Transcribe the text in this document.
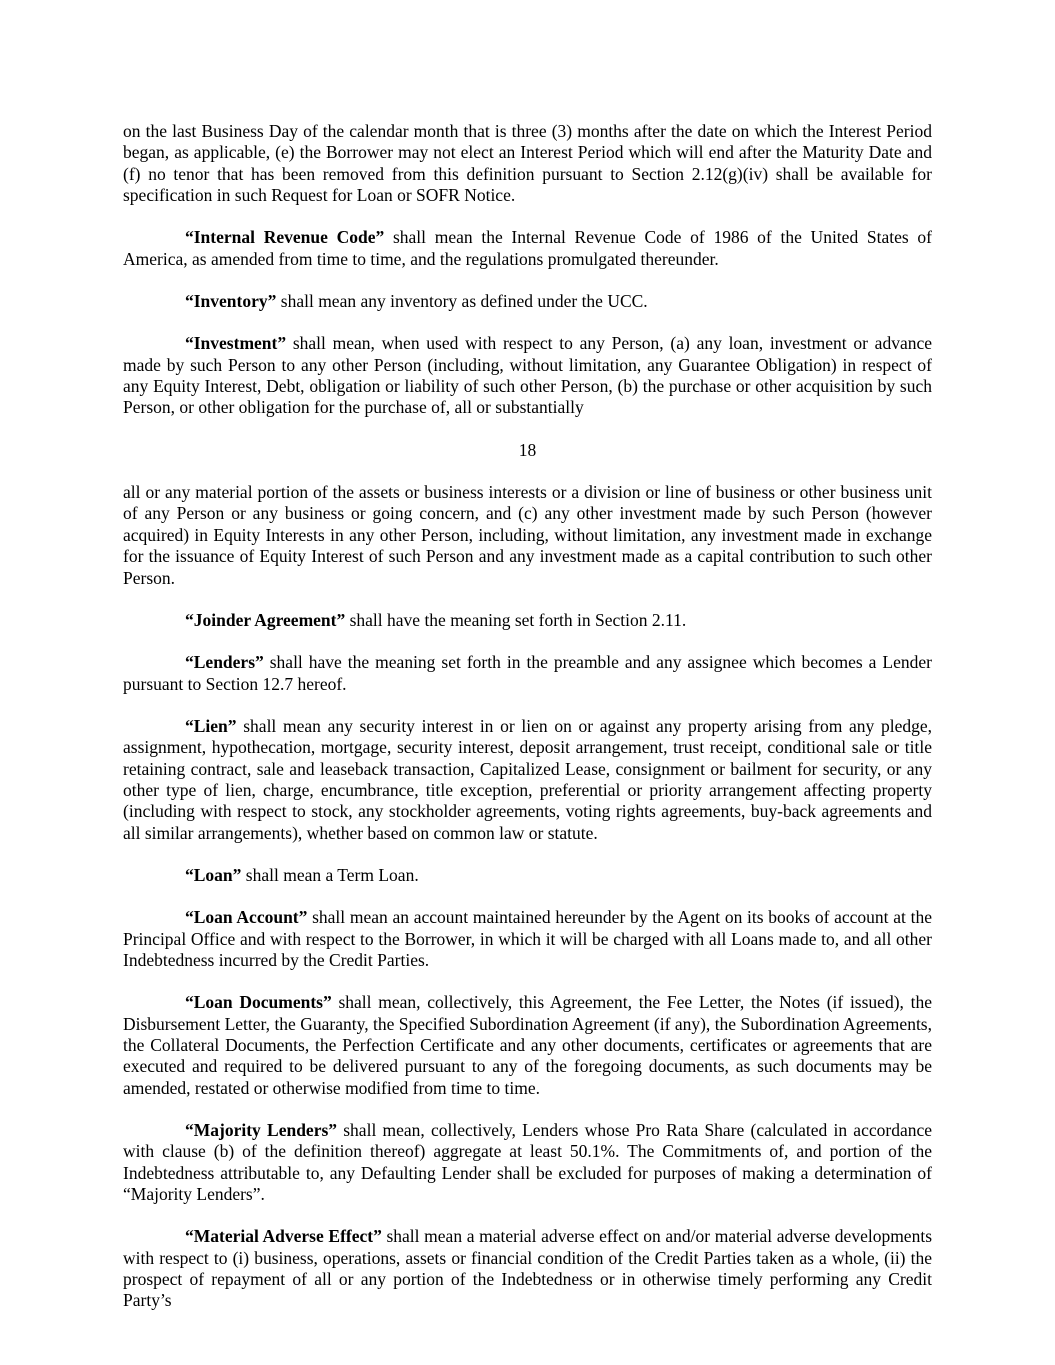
on the last Business Day of the calendar month that is three (3) months after the date on which the Interest Period began, as applicable, (e) the Borrower may not elect an Interest Period which will end after the Maturity Date and (f) no tenor that has been removed from this definition pursuant to Section 2.12(g)(iv) shall be available for specification in such Request for Loan or SOFR Notice.

“Internal Revenue Code” shall mean the Internal Revenue Code of 1986 of the United States of America, as amended from time to time, and the regulations promulgated thereunder.

“Inventory” shall mean any inventory as defined under the UCC.

“Investment” shall mean, when used with respect to any Person, (a) any loan, investment or advance made by such Person to any other Person (including, without limitation, any Guarantee Obligation) in respect of any Equity Interest, Debt, obligation or liability of such other Person, (b) the purchase or other acquisition by such Person, or other obligation for the purchase of, all or substantially

18

all or any material portion of the assets or business interests or a division or line of business or other business unit of any Person or any business or going concern, and (c) any other investment made by such Person (however acquired) in Equity Interests in any other Person, including, without limitation, any investment made in exchange for the issuance of Equity Interest of such Person and any investment made as a capital contribution to such other Person.

“Joinder Agreement” shall have the meaning set forth in Section 2.11.

“Lenders” shall have the meaning set forth in the preamble and any assignee which becomes a Lender pursuant to Section 12.7 hereof.

“Lien” shall mean any security interest in or lien on or against any property arising from any pledge, assignment, hypothecation, mortgage, security interest, deposit arrangement, trust receipt, conditional sale or title retaining contract, sale and leaseback transaction, Capitalized Lease, consignment or bailment for security, or any other type of lien, charge, encumbrance, title exception, preferential or priority arrangement affecting property (including with respect to stock, any stockholder agreements, voting rights agreements, buy-back agreements and all similar arrangements), whether based on common law or statute.

“Loan” shall mean a Term Loan.

“Loan Account” shall mean an account maintained hereunder by the Agent on its books of account at the Principal Office and with respect to the Borrower, in which it will be charged with all Loans made to, and all other Indebtedness incurred by the Credit Parties.

“Loan Documents” shall mean, collectively, this Agreement, the Fee Letter, the Notes (if issued), the Disbursement Letter, the Guaranty, the Specified Subordination Agreement (if any), the Subordination Agreements, the Collateral Documents, the Perfection Certificate and any other documents, certificates or agreements that are executed and required to be delivered pursuant to any of the foregoing documents, as such documents may be amended, restated or otherwise modified from time to time.

“Majority Lenders” shall mean, collectively, Lenders whose Pro Rata Share (calculated in accordance with clause (b) of the definition thereof) aggregate at least 50.1%. The Commitments of, and portion of the Indebtedness attributable to, any Defaulting Lender shall be excluded for purposes of making a determination of “Majority Lenders”.

“Material Adverse Effect” shall mean a material adverse effect on and/or material adverse developments with respect to (i) business, operations, assets or financial condition of the Credit Parties taken as a whole, (ii) the prospect of repayment of all or any portion of the Indebtedness or in otherwise timely performing any Credit Party’s
